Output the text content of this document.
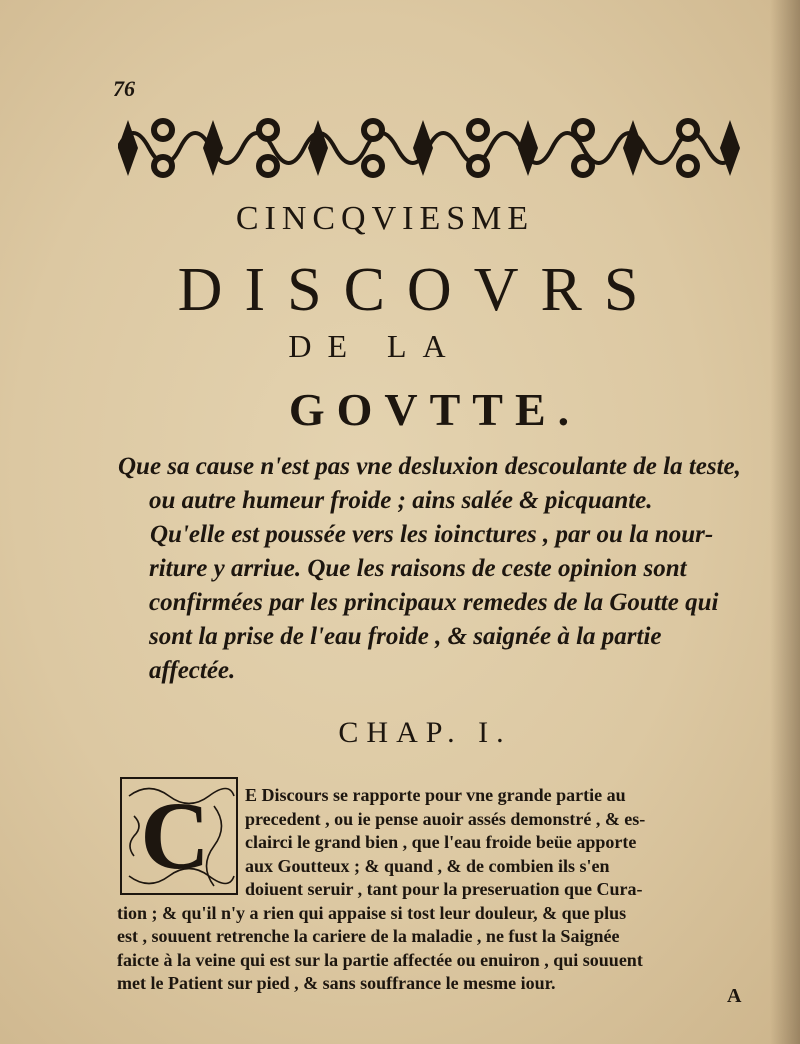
76
CINCQVIESME
DISCOVRS
DE LA
GOVTTE.
Que sa cause n'est pas vne desluxion descoulante de la teste,
ou autre humeur froide ; ains salée & picquante.
Qu'elle est poussée vers les ioinctures , par ou la nour-
riture y arriue. Que les raisons de ceste opinion sont
confirmées par les principaux remedes de la Goutte qui
sont la prise de l'eau froide , & saignée à la partie
affectée.
CHAP. I.
C	E Discours se rapporte pour vne grande partie au
precedent , ou ie pense auoir assés demonstré , & es-
clairci le grand bien , que l'eau froide beüe apporte
aux Goutteux ; & quand , & de combien ils s'en
doiuent seruir , tant pour la preseruation que Cura-
tion ; & qu'il n'y a rien qui appaise si tost leur douleur, & que plus
est , souuent retrenche la cariere de la maladie , ne fust la Saignée
faicte à la veine qui est sur la partie affectée ou enuiron , qui souuent
met le Patient sur pied , & sans souffrance le mesme iour.
A
